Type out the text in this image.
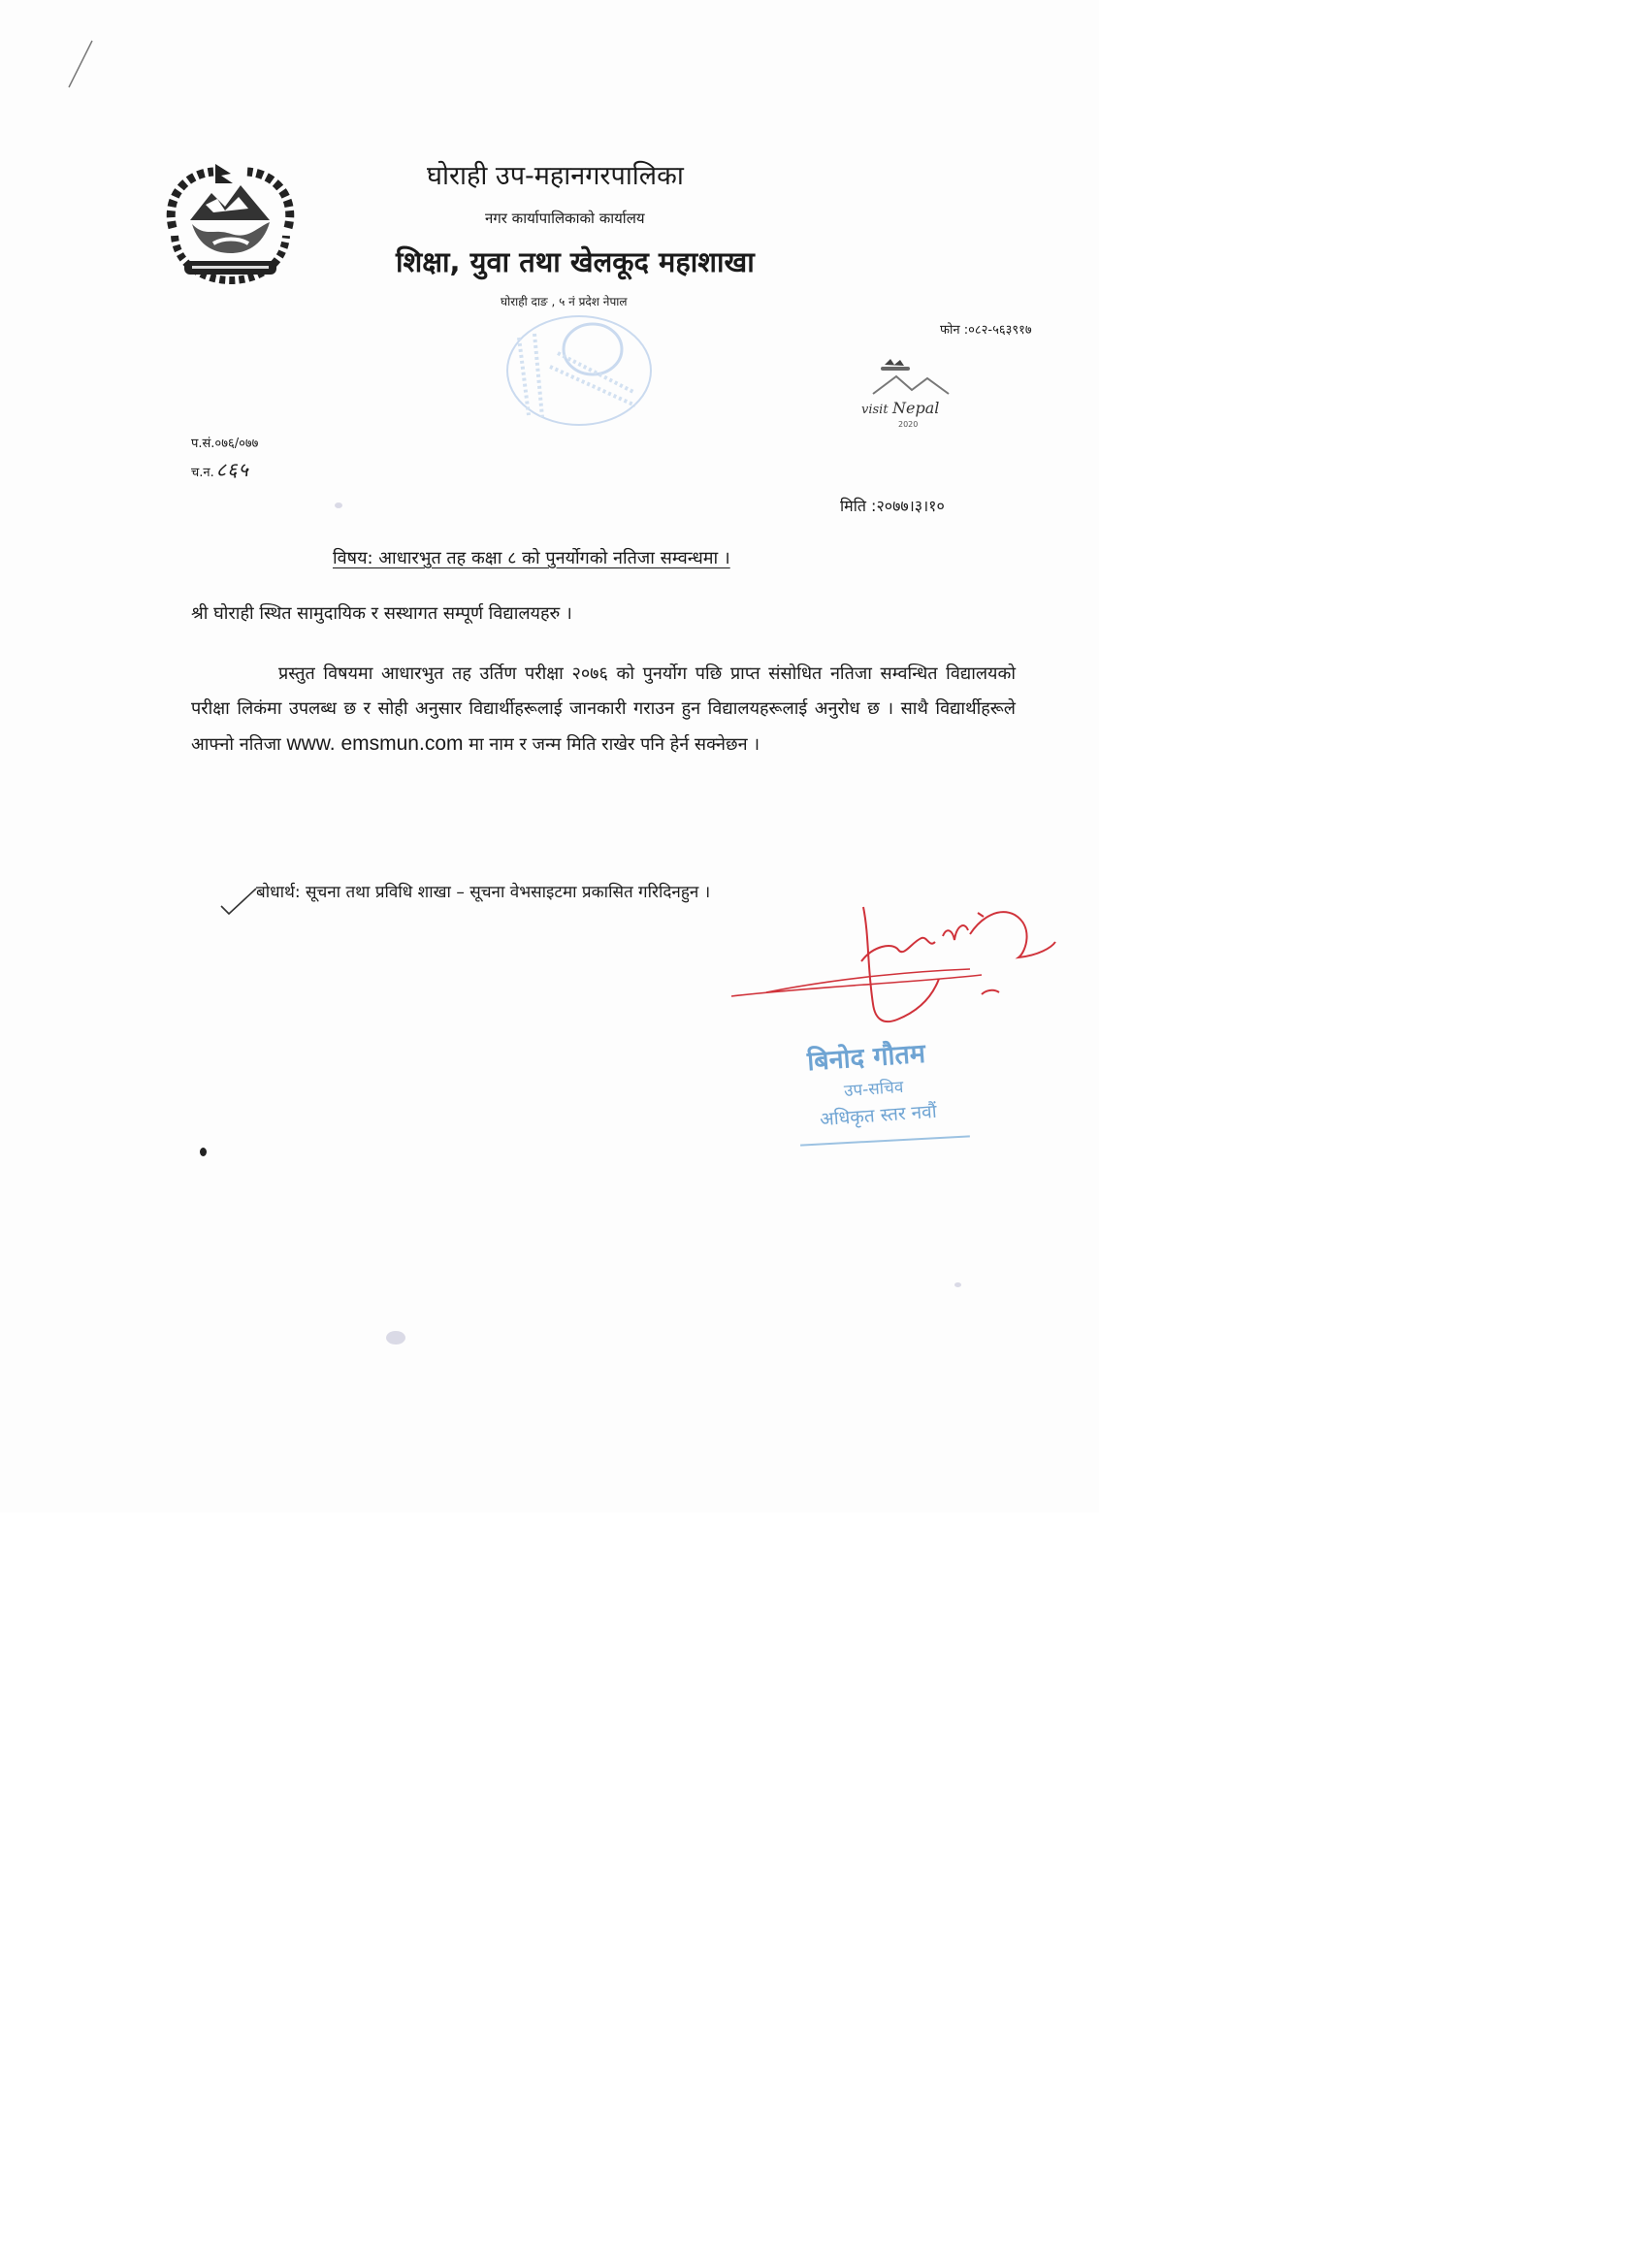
घोराही उप-महानगरपालिका
नगर कार्यापालिकाको कार्यालय
शिक्षा, युवा तथा खेलकूद महाशाखा
घोराही दाङ , ५ नं प्रदेश नेपाल
फोन :०८२-५६३९१७
visit Nepal
2020
प.सं.०७६/०७७
च.न. ८६५
मिति :२०७७।३।१०
विषय: आधारभुत तह कक्षा ८ को पुनर्योगको नतिजा सम्वन्धमा ।
श्री घोराही स्थित सामुदायिक र सस्थागत सम्पूर्ण विद्यालयहरु ।
प्रस्तुत विषयमा आधारभुत तह उर्तिण परीक्षा २०७६ को पुनर्योग पछि प्राप्त संसोधित नतिजा सम्वन्धित विद्यालयको परीक्षा लिकंमा उपलब्ध छ र सोही अनुसार विद्यार्थीहरूलाई जानकारी गराउन हुन विद्यालयहरूलाई अनुरोध छ । साथै विद्यार्थीहरूले आफ्नो नतिजा www. emsmun.com मा नाम र जन्म मिति राखेर पनि हेर्न सक्नेछन ।
बोधार्थ: सूचना तथा प्रविधि शाखा – सूचना वेभसाइटमा प्रकासित गरिदिनहुन ।
बिनोद गौतम
उप-सचिव
अधिकृत स्तर नवौं
